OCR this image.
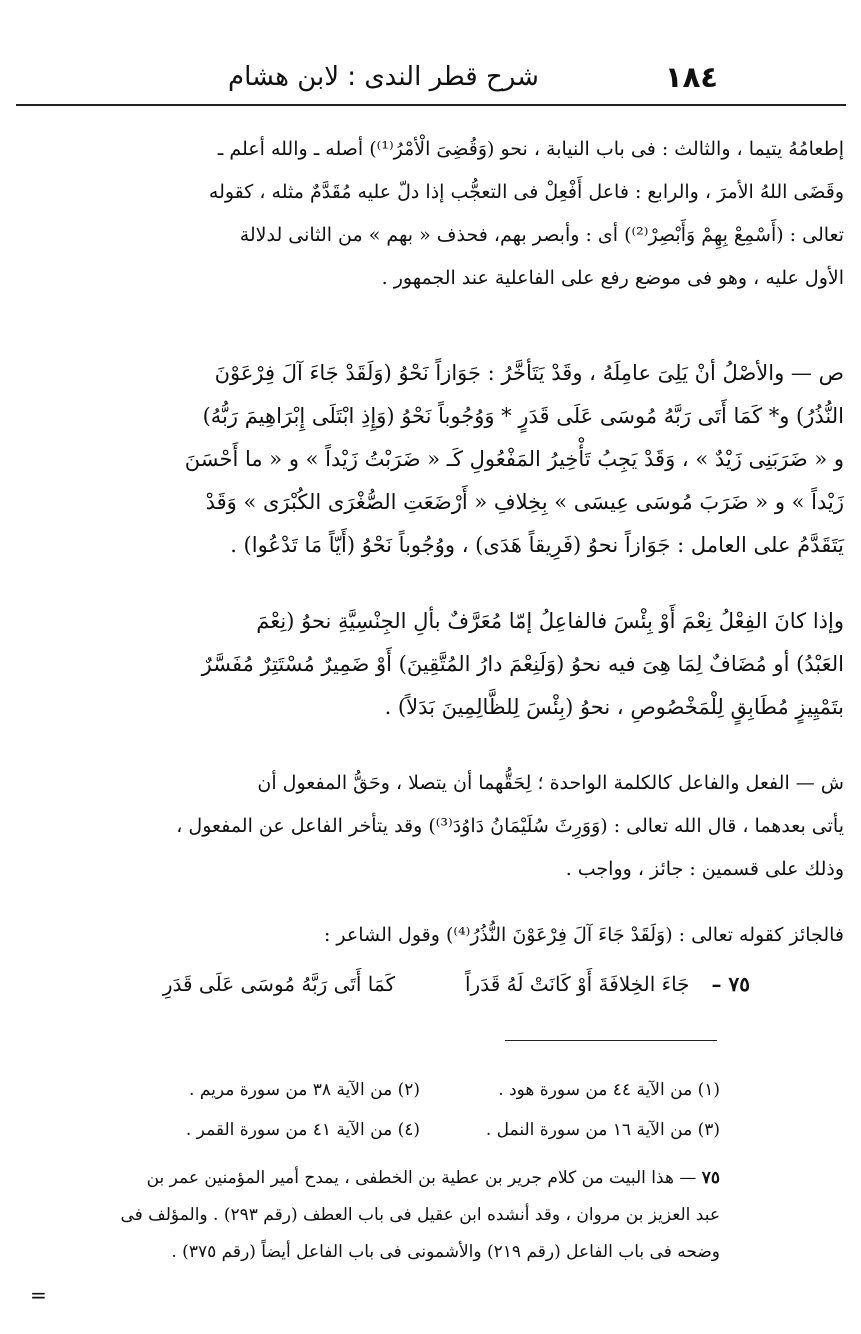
١٨٤
شرح قطر الندى : لابن هشام

إطعامُهُ يتيما ، والثالث : فى باب النيابة ، نحو (وَقُضِىَ الْأمْرُ⁽¹⁾) أصله ـ والله أعلم ـ

وقَضَى اللهُ الأمرَ ، والرابع : فاعل أَفْعِلْ فى التعجُّب إذا دلّ عليه مُقَدَّمٌ مثله ، كقوله

تعالى : (أَسْمِعْ بِهِمْ وَأَبْصِرْ⁽²⁾) أى : وأبصر بهم، فحذف « بهم » من الثانى لدلالة

الأول عليه ، وهو فى موضع رفع على الفاعلية عند الجمهور .

ص — والأصْلُ أنْ يَلِىَ عامِلَهُ ، وقَدْ يَتَأخَّرُ : جَوَازاً نَحْوُ (وَلَقَدْ جَاءَ آلَ فِرْعَوْنَ

النُّذُرُ) و* كَمَا أَتَى رَبَّهُ مُوسَى عَلَى قَدَرٍ * وَوُجُوباً نَحْوُ (وَإِذِ ابْتَلَى إِبْرَاهِيمَ رَبُّهُ)

و « ضَرَبَنِى زَيْدٌ » ، وَقَدْ يَجِبُ تَأْخِيرُ المَفْعُولِ كَـ « ضَرَبْتُ زَيْداً » و « ما أَحْسَنَ

زَيْداً » و « ضَرَبَ مُوسَى عِيسَى » بِخِلافِ « أَرْضَعَتِ الصُّغْرَى الكُبْرَى » وَقَدْ

يَتَقَدَّمُ على العامل : جَوَازاً نحوُ (فَرِيقاً هَدَى) ، ووُجُوباً نَحْوُ (أَيّاً مَا تَدْعُوا) .

وإذا كانَ الفِعْلُ نِعْمَ أَوْ بِئْسَ فالفاعِلُ إمّا مُعَرَّفٌ بألِ الجِنْسِيَّةِ نحوُ (نِعْمَ

العَبْدُ) أو مُضَافٌ لِمَا هِىَ فيه نحوُ (وَلَنِعْمَ دارُ المُتَّقِينَ) أَوْ ضَمِيرٌ مُسْتَتِرٌ مُفَسَّرٌ

بتَمْيِيزٍ مُطَابِقٍ لِلْمَخْصُوصِ ، نحوُ (بِئْسَ لِلظَّالِمِينَ بَدَلاً) .

ش — الفعل والفاعل كالكلمة الواحدة ؛ لِحَقُّهما أن يتصلا ، وحَقُّ المفعول أن

يأتى بعدهما ، قال الله تعالى : (وَوَرِثَ سُلَيْمَانُ دَاوُدَ⁽³⁾) وقد يتأخر الفاعل عن المفعول ،

وذلك على قسمين : جائز ، وواجب .

فالجائز كقوله تعالى : (وَلَقَدْ جَاءَ آلَ فِرْعَوْنَ النُّذُرُ⁽⁴⁾) وقول الشاعر :

٧٥ –
جَاءَ الخِلافَةَ أَوْ كَانَتْ لَهُ قَدَراً
كَمَا أَتَى رَبَّهُ مُوسَى عَلَى قَدَرِ
(١) من الآية ٤٤ من سورة هود .
(٢) من الآية ٣٨ من سورة مريم .
(٣) من الآية ١٦ من سورة النمل .
(٤) من الآية ٤١ من سورة القمر .

٧٥ — هذا البيت من كلام جرير بن عطية بن الخطفى ، يمدح أمير المؤمنين عمر بن

عبد العزيز بن مروان ، وقد أنشده ابن عقيل فى باب العطف (رقم ٢٩٣) . والمؤلف فى

وضحه فى باب الفاعل (رقم ٢١٩) والأشمونى فى باب الفاعل أيضاً (رقم ٣٧٥) .

=
